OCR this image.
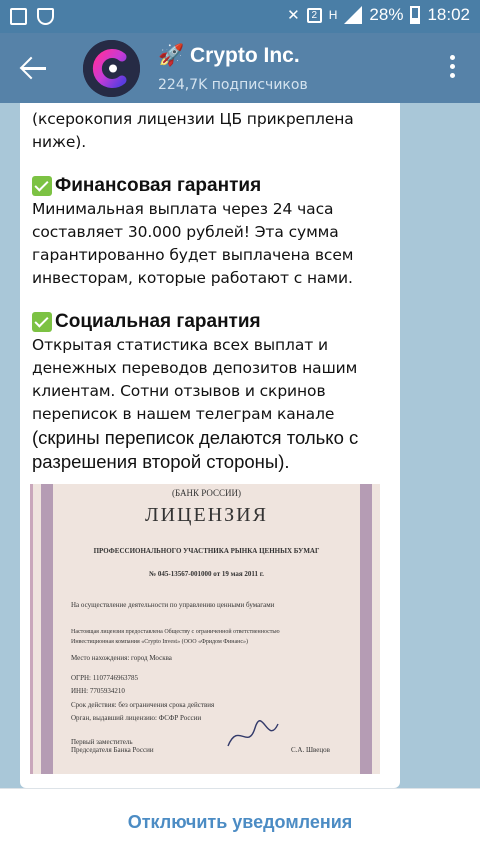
✕	2 H 28% 18:02
🚀 Crypto Inc.
224,7K подписчиков
(ксерокопия лицензии ЦБ прикреплена ниже).
Финансовая гарантия
Минимальная выплата через 24 часа составляет 30.000 рублей! Эта сумма гарантированно будет выплачена всем инвесторам, которые работают с нами.
Социальная гарантия
Открытая статистика всех выплат и денежных переводов депозитов нашим клиентам. Сотни отзывов и скринов переписок в нашем телеграм канале
(скрины переписок делаются только с разрешения второй стороны).
(БАНК РОССИИ)
ЛИЦЕНЗИЯ
ПРОФЕССИОНАЛЬНОГО УЧАСТНИКА РЫНКА ЦЕННЫХ БУМАГ
№ 045-13567-001000 от 19 мая 2011 г.
На осуществление деятельности по управлению ценными бумагами
Настоящая лицензия предоставлена Обществу с ограниченной ответственностью
Инвестиционная компания «Crypto Invest» (ООО «Фридом Финанс»)
Место нахождения: город Москва
ОГРН: 1107746963785
ИНН: 7705934210
Срок действия: без ограничения срока действия
Орган, выдавший лицензию: ФСФР России
Первый заместитель
Председателя Банка России	С.А. Швецов
Отключить уведомления
